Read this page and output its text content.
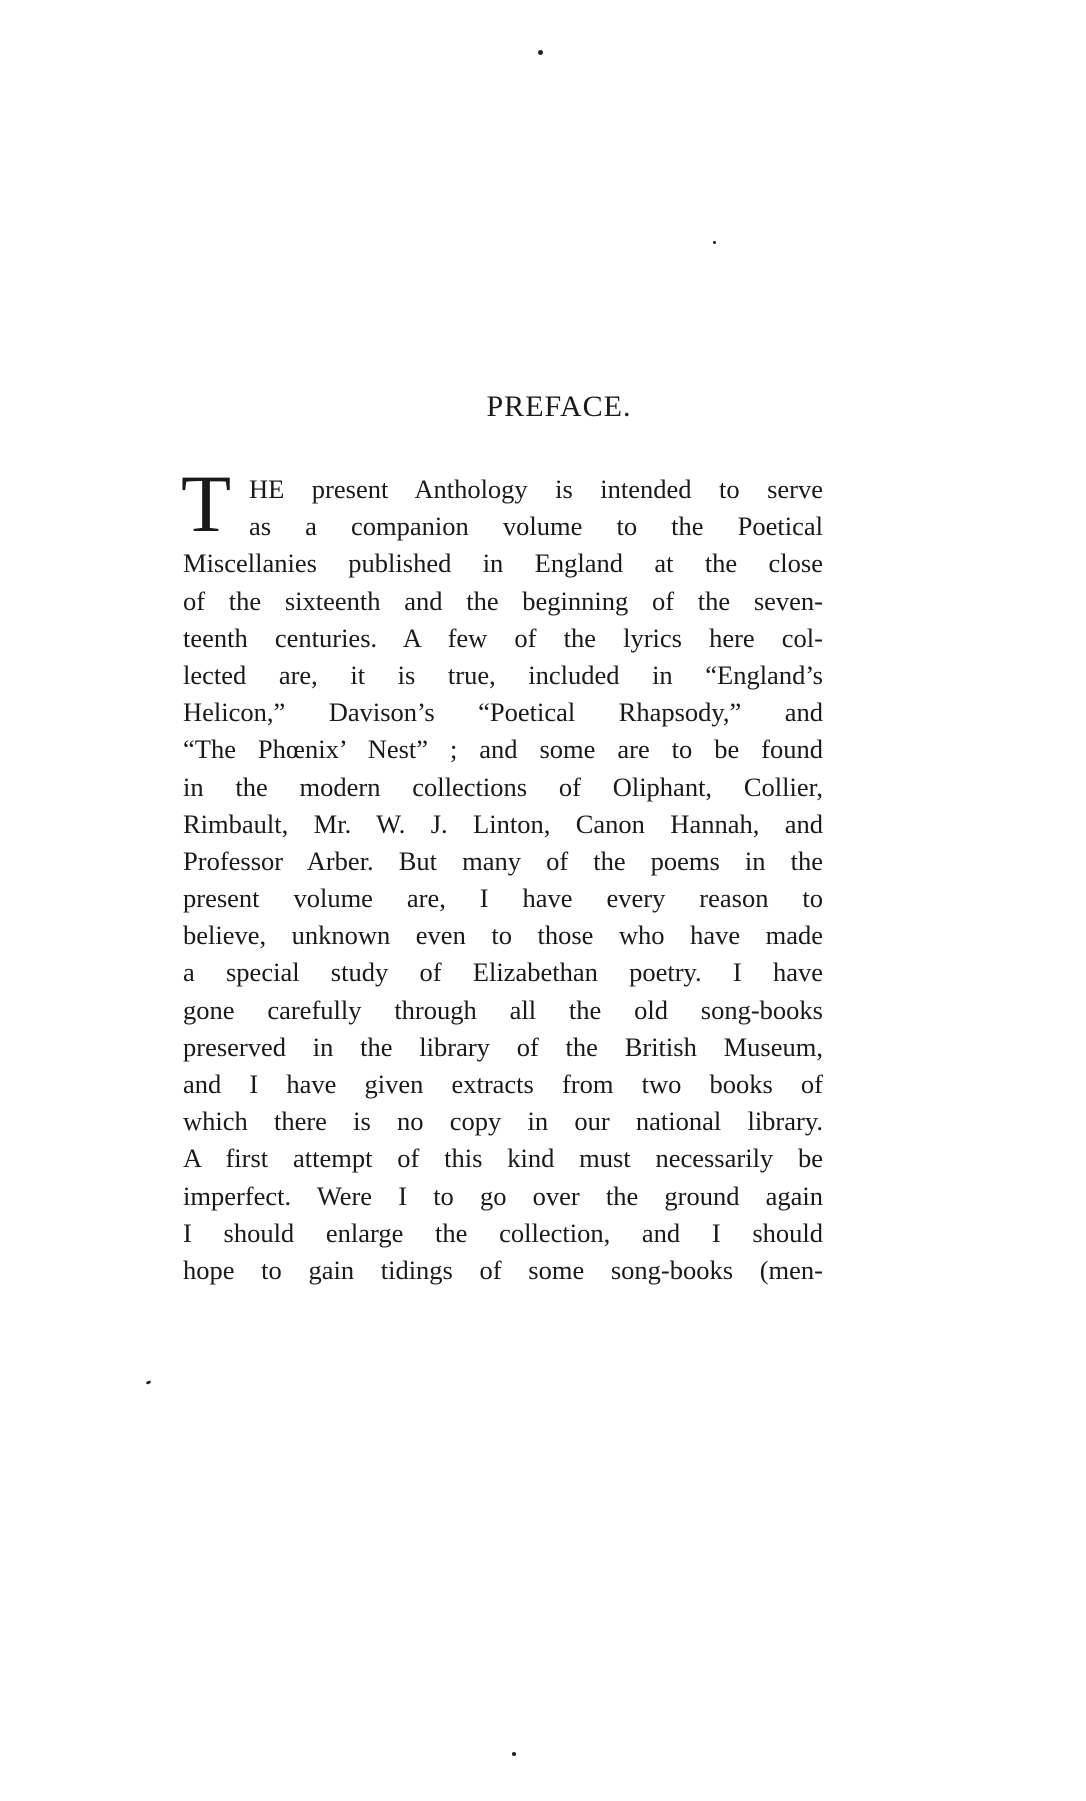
PREFACE.
T HE present Anthology is intended to serve
as a companion volume to the Poetical
Miscellanies published in England at the close
of the sixteenth and the beginning of the seven-
teenth centuries. A few of the lyrics here col-
lected are, it is true, included in “England’s
Helicon,” Davison’s “Poetical Rhapsody,” and
“The Phœnix’ Nest” ; and some are to be found
in the modern collections of Oliphant, Collier,
Rimbault, Mr. W. J. Linton, Canon Hannah, and
Professor Arber. But many of the poems in the
present volume are, I have every reason to
believe, unknown even to those who have made
a special study of Elizabethan poetry. I have
gone carefully through all the old song-books
preserved in the library of the British Museum,
and I have given extracts from two books of
which there is no copy in our national library.
A first attempt of this kind must necessarily be
imperfect. Were I to go over the ground again
I should enlarge the collection, and I should
hope to gain tidings of some song-books (men-
